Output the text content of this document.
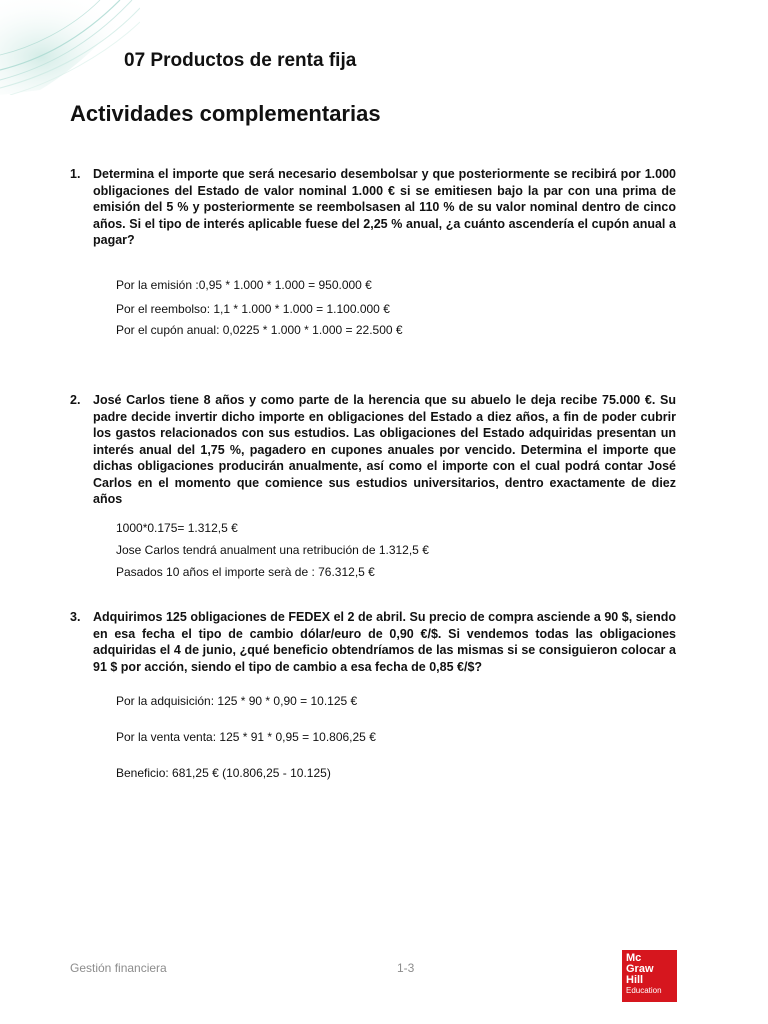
07 Productos de renta fija
Actividades complementarias
1. Determina el importe que será necesario desembolsar y que posteriormente se recibirá por 1.000 obligaciones del Estado de valor nominal 1.000 € si se emitiesen bajo la par con una prima de emisión del 5 % y posteriormente se reembolsasen al 110 % de su valor nominal dentro de cinco años. Si el tipo de interés aplicable fuese del 2,25 % anual, ¿a cuánto ascendería el cupón anual a pagar?
Por la emisión :0,95 * 1.000 * 1.000 = 950.000 €
Por el reembolso: 1,1 * 1.000 * 1.000 = 1.100.000 €
Por el cupón anual: 0,0225 * 1.000 * 1.000 = 22.500 €
2. José Carlos tiene 8 años y como parte de la herencia que su abuelo le deja recibe 75.000 €. Su padre decide invertir dicho importe en obligaciones del Estado a diez años, a fin de poder cubrir los gastos relacionados con sus estudios. Las obligaciones del Estado adquiridas presentan un interés anual del 1,75 %, pagadero en cupones anuales por vencido. Determina el importe que dichas obligaciones producirán anualmente, así como el importe con el cual podrá contar José Carlos en el momento que comience sus estudios universitarios, dentro exactamente de diez años
1000*0.175= 1.312,5 €
Jose Carlos tendrá anualment una retribución de 1.312,5 €
Pasados 10 años el importe serà de : 76.312,5 €
3. Adquirimos 125 obligaciones de FEDEX el 2 de abril. Su precio de compra asciende a 90 $, siendo en esa fecha el tipo de cambio dólar/euro de 0,90 €/$. Si vendemos todas las obligaciones adquiridas el 4 de junio, ¿qué beneficio obtendríamos de las mismas si se consiguieron colocar a 91 $ por acción, siendo el tipo de cambio a esa fecha de 0,85 €/$?
Por la adquisición: 125 * 90 * 0,90 = 10.125 €
Por la venta venta: 125 * 91 * 0,95 = 10.806,25 €
Beneficio: 681,25 € (10.806,25 - 10.125)
Gestión financiera	1-3
Mc
Graw
Hill
Education
